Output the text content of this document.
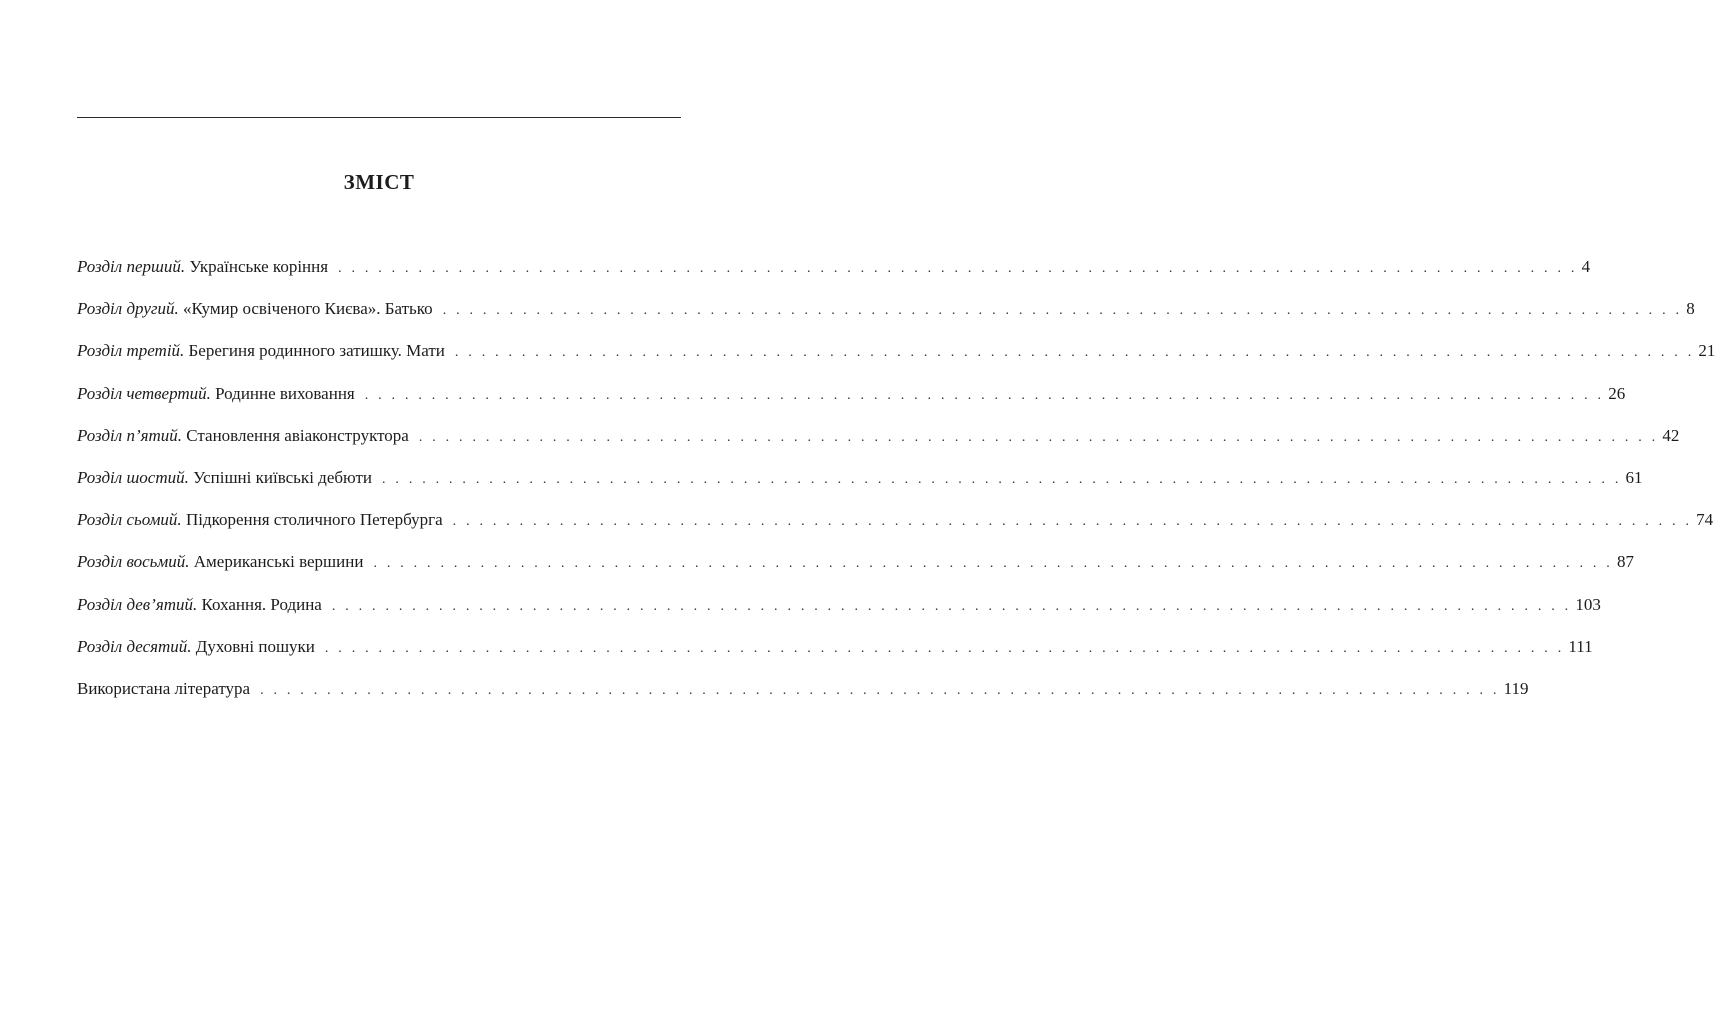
ЗМІСТ
Розділ перший. Українське коріння . . . . . . . . . . . . . . . . . . . . . . . . . . . . . . . . . . . . . . . . . . . . . . . . . . . . . . . . . . . . . . . . . . . . . . . . . . . . . . . . . . . . . . . . . . . . . 4
Розділ другий. «Кумир освіченого Києва». Батько . . . . . . . . . . . . . . . . . . . . . . . . . . . . . . . . . . . . . . . . . . . . . . . . . . . . . . . . . . . . . . . . . . . . . . . . . . . . . . . . . . . . . . . . . . . . . 8
Розділ третій. Берегиня родинного затишку. Мати . . . . . . . . . . . . . . . . . . . . . . . . . . . . . . . . . . . . . . . . . . . . . . . . . . . . . . . . . . . . . . . . . . . . . . . . . . . . . . . . . . . . . . . . . . . . . 21
Розділ четвертий. Родинне виховання . . . . . . . . . . . . . . . . . . . . . . . . . . . . . . . . . . . . . . . . . . . . . . . . . . . . . . . . . . . . . . . . . . . . . . . . . . . . . . . . . . . . . . . . . . . . . 26
Розділ п’ятий. Становлення авіаконструктора . . . . . . . . . . . . . . . . . . . . . . . . . . . . . . . . . . . . . . . . . . . . . . . . . . . . . . . . . . . . . . . . . . . . . . . . . . . . . . . . . . . . . . . . . . . . . 42
Розділ шостий. Успішні київські дебюти . . . . . . . . . . . . . . . . . . . . . . . . . . . . . . . . . . . . . . . . . . . . . . . . . . . . . . . . . . . . . . . . . . . . . . . . . . . . . . . . . . . . . . . . . . . . . 61
Розділ сьомий. Підкорення столичного Петербурга . . . . . . . . . . . . . . . . . . . . . . . . . . . . . . . . . . . . . . . . . . . . . . . . . . . . . . . . . . . . . . . . . . . . . . . . . . . . . . . . . . . . . . . . . . . . . 74
Розділ восьмий. Американські вершини . . . . . . . . . . . . . . . . . . . . . . . . . . . . . . . . . . . . . . . . . . . . . . . . . . . . . . . . . . . . . . . . . . . . . . . . . . . . . . . . . . . . . . . . . . . . . 87
Розділ дев’ятий. Кохання. Родина . . . . . . . . . . . . . . . . . . . . . . . . . . . . . . . . . . . . . . . . . . . . . . . . . . . . . . . . . . . . . . . . . . . . . . . . . . . . . . . . . . . . . . . . . . . . . 103
Розділ десятий. Духовні пошуки . . . . . . . . . . . . . . . . . . . . . . . . . . . . . . . . . . . . . . . . . . . . . . . . . . . . . . . . . . . . . . . . . . . . . . . . . . . . . . . . . . . . . . . . . . . . . 111
Використана література . . . . . . . . . . . . . . . . . . . . . . . . . . . . . . . . . . . . . . . . . . . . . . . . . . . . . . . . . . . . . . . . . . . . . . . . . . . . . . . . . . . . . . . . . . . . . 119
